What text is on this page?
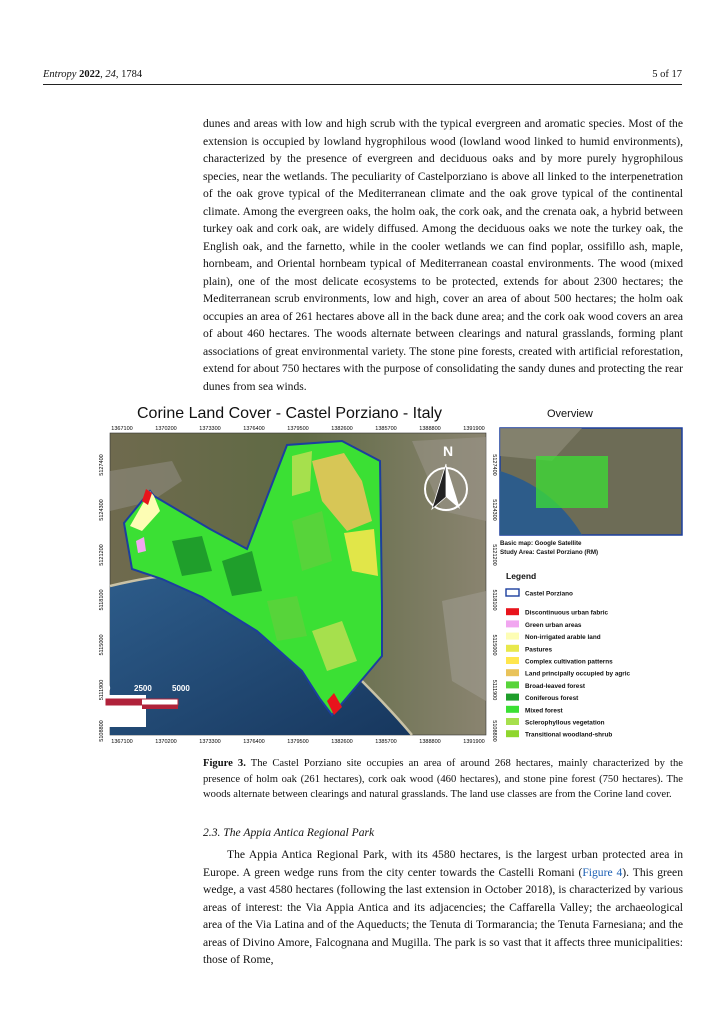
Entropy 2022, 24, 1784	5 of 17

dunes and areas with low and high scrub with the typical evergreen and aromatic species. Most of the extension is occupied by lowland hygrophilous wood (lowland wood linked to humid environments), characterized by the presence of evergreen and deciduous oaks and by more purely hygrophilous species, near the wetlands. The peculiarity of Castelporziano is above all linked to the interpenetration of the oak grove typical of the Mediterranean climate and the oak grove typical of the continental climate. Among the evergreen oaks, the holm oak, the cork oak, and the crenata oak, a hybrid between turkey oak and cork oak, are widely diffused. Among the deciduous oaks we note the turkey oak, the English oak, and the farnetto, while in the cooler wetlands we can find poplar, ossifillo ash, maple, hornbeam, and Oriental hornbeam typical of Mediterranean coastal environments. The wood (mixed plain), one of the most delicate ecosystems to be protected, extends for about 2300 hectares; the Mediterranean scrub environments, low and high, cover an area of about 500 hectares; the holm oak occupies an area of 261 hectares above all in the back dune area; and the cork oak wood covers an area of about 460 hectares. The woods alternate between clearings and natural grasslands, forming plant associations of great environmental variety. The stone pine forests, created with artificial reforestation, extend for about 750 hectares with the purpose of consolidating the sandy dunes and protecting the rear dunes from sea winds.

Corine Land Cover - Castel Porziano - Italy	Overview
N
0	2500	5000
1367100	1370200	1373300	1376400	1379500	1382600	1385700	1388800	1391900
1367100	1370200	1373300	1376400	1379500	1382600	1385700	1388800	1391900
5127400
5124300
5121200
5118100
5115000
5111900
5108800
5127400
5124300
5121200
5118100
5115000
5111900
5108800
Basic map: Google Satellite
Study Area: Castel Porziano (RM)
Legend
Castel Porziano
Discontinuous urban fabric
Green urban areas
Non-irrigated arable land
Pastures
Complex cultivation patterns
Land principally occupied by agric
Broad-leaved forest
Coniferous forest
Mixed forest
Sclerophyllous vegetation
Transitional woodland-shrub

Figure 3. The Castel Porziano site occupies an area of around 268 hectares, mainly characterized by the presence of holm oak (261 hectares), cork oak wood (460 hectares), and stone pine forest (750 hectares). The woods alternate between clearings and natural grasslands. The land use classes are from the Corine land cover.

2.3. The Appia Antica Regional Park

The Appia Antica Regional Park, with its 4580 hectares, is the largest urban protected area in Europe. A green wedge runs from the city center towards the Castelli Romani (Figure 4). This green wedge, a vast 4580 hectares (following the last extension in October 2018), is characterized by various areas of interest: the Via Appia Antica and its adjacencies; the Caffarella Valley; the archaeological area of the Via Latina and of the Aqueducts; the Tenuta di Tormarancia; the Tenuta Farnesiana; and the areas of Divino Amore, Falcognana and Mugilla. The park is so vast that it affects three municipalities: those of Rome,
